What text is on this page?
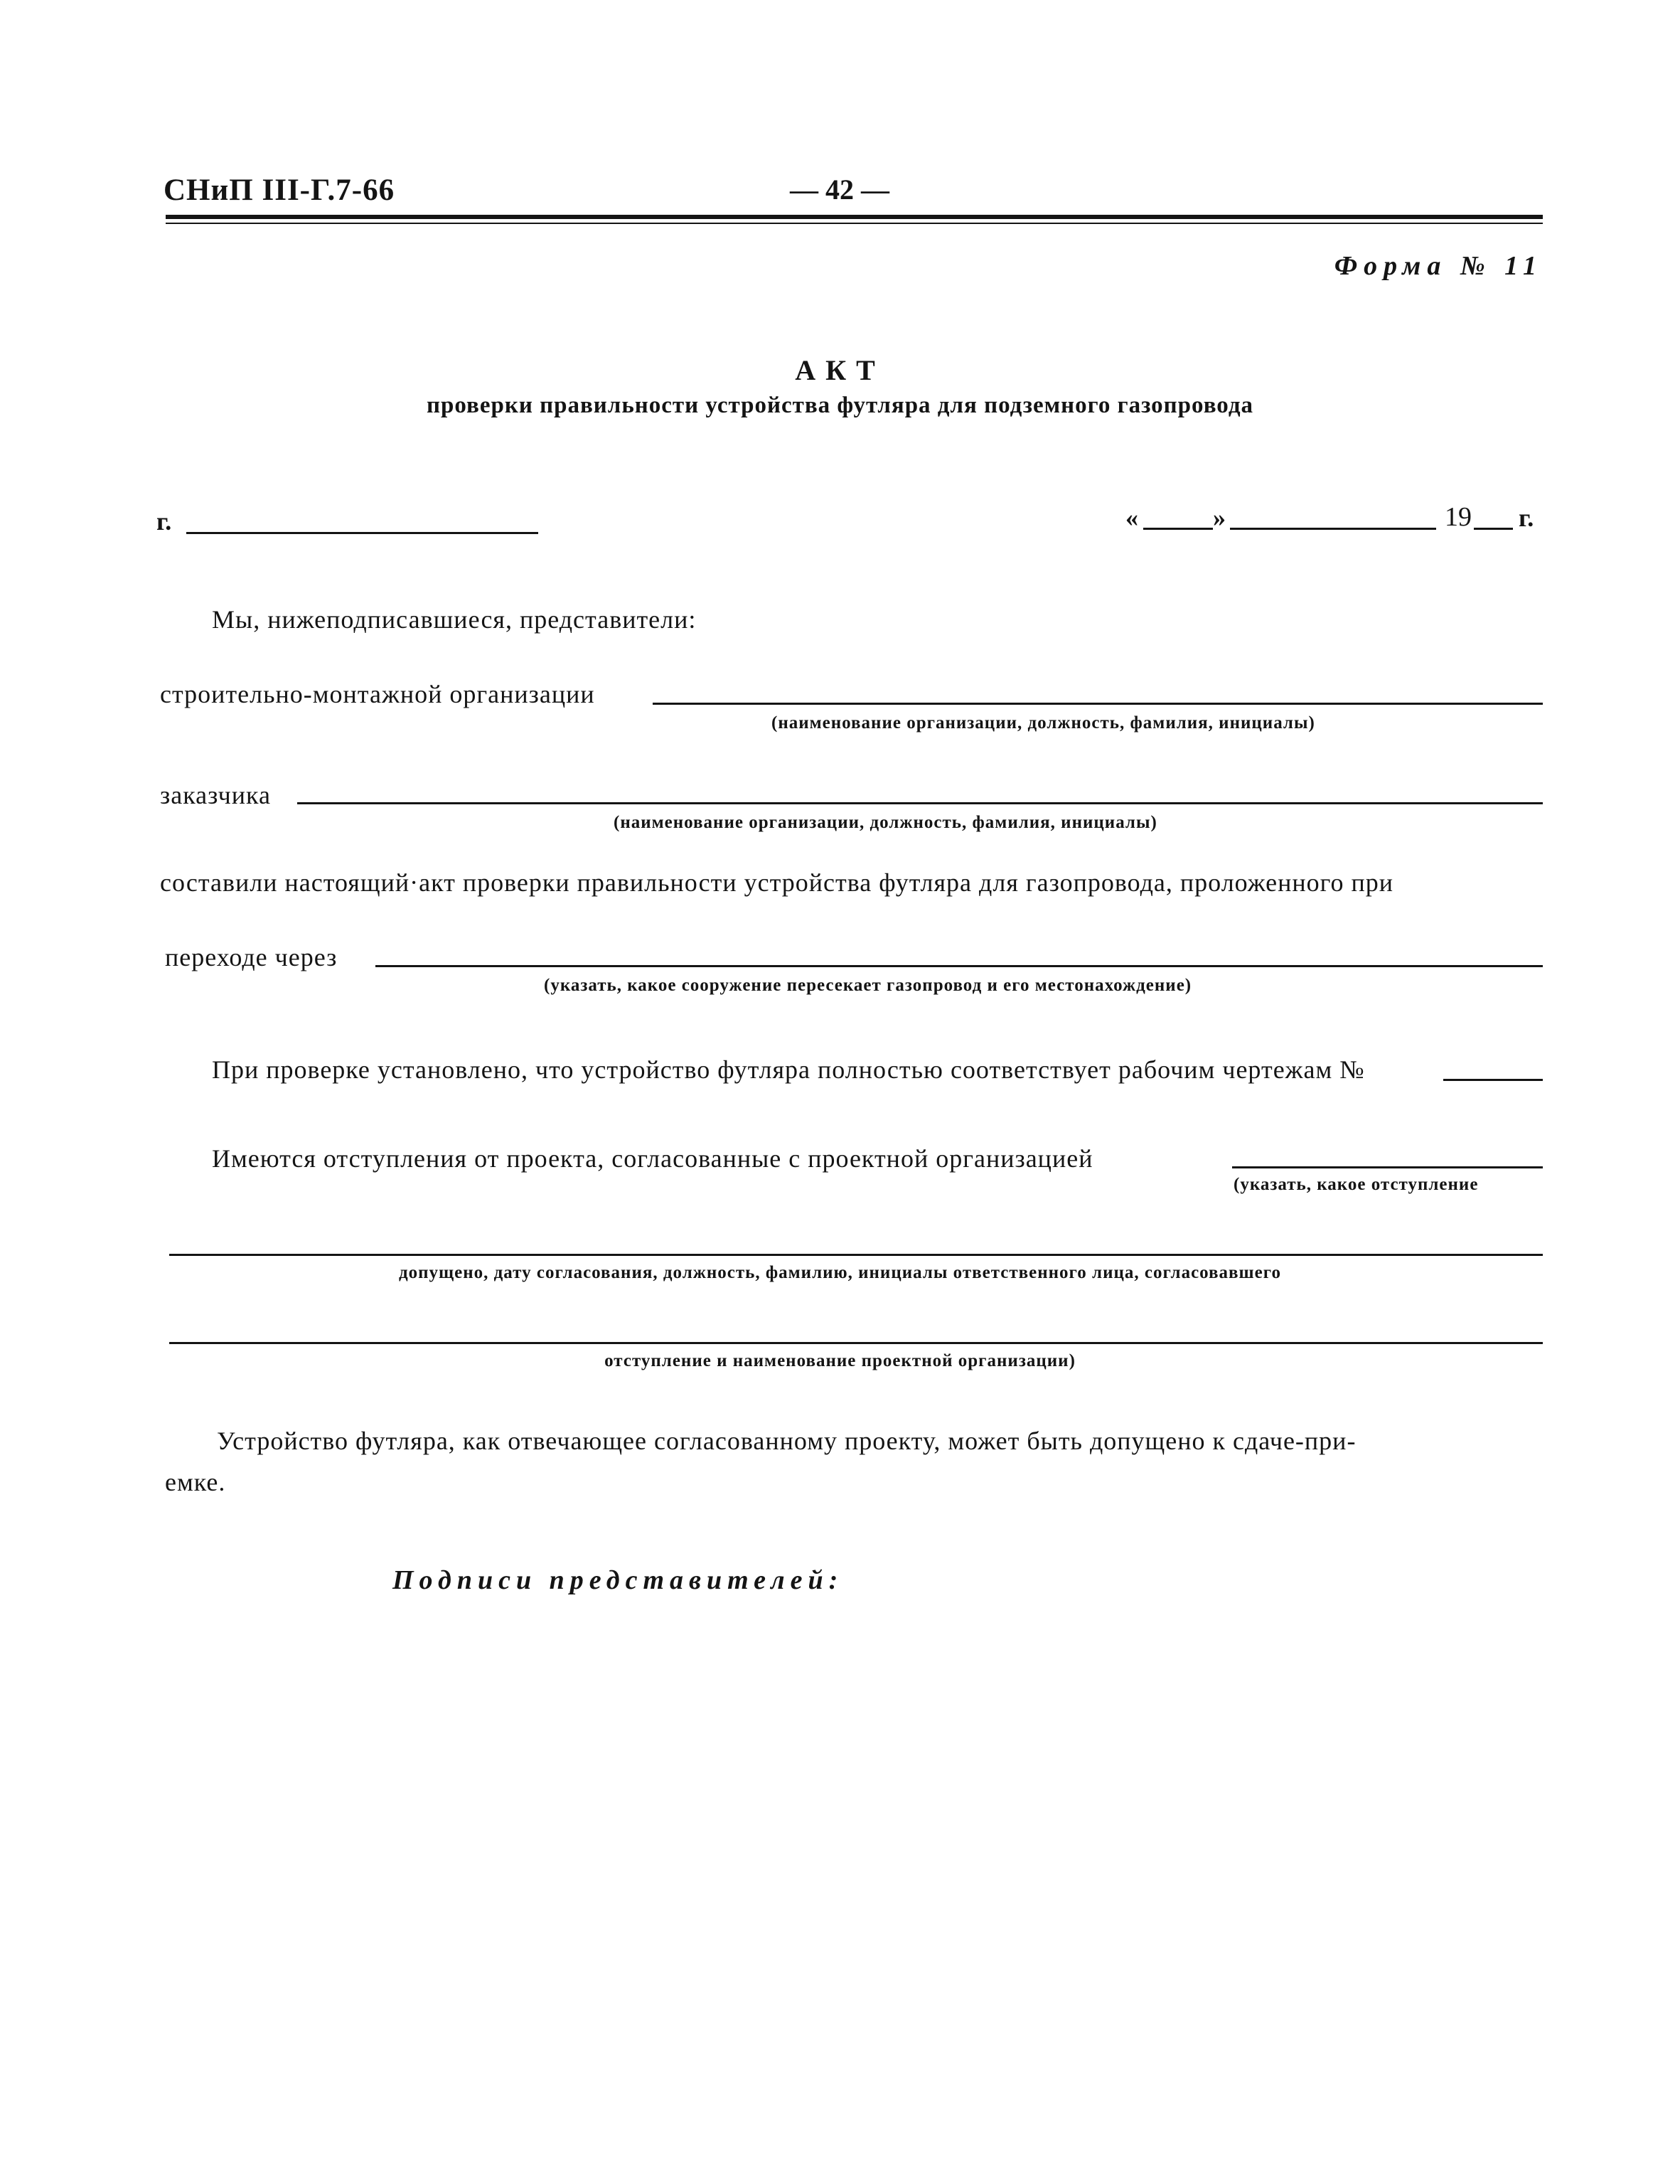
СНиП III-Г.7-66	— 42 —
Форма № 11
АКТ
проверки правильности устройства футляра для подземного газопровода
г.	«	»	19 г.
Мы, нижеподписавшиеся, представители:
строительно-монтажной организации
(наименование организации, должность, фамилия, инициалы)
заказчика
(наименование организации, должность, фамилия, инициалы)
составили настоящий·акт проверки правильности устройства футляра для газопровода, проложенного при
переходе через
(указать, какое сооружение пересекает газопровод и его местонахождение)
При проверке установлено, что устройство футляра полностью соответствует рабочим чертежам №
Имеются отступления от проекта, согласованные с проектной организацией
(указать, какое отступление
допущено, дату согласования, должность, фамилию, инициалы ответственного лица, согласовавшего
отступление и наименование проектной организации)
Устройство футляра, как отвечающее согласованному проекту, может быть допущено к сдаче-при-
емке.
Подписи представителей:
